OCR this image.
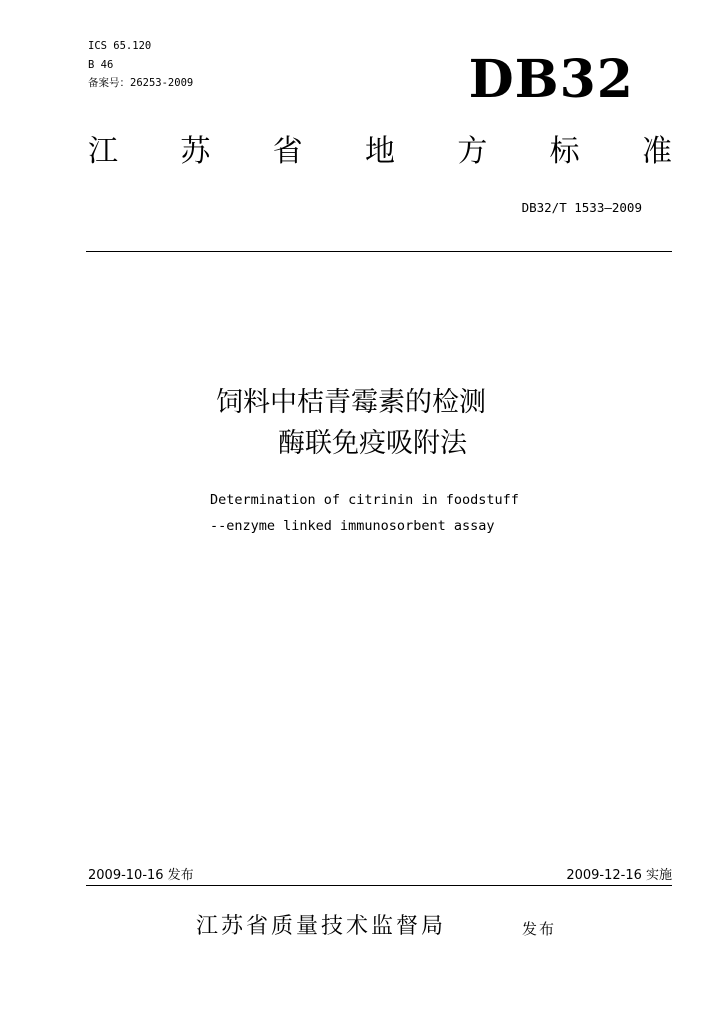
ICS 65.120
B 46
备案号：26253-2009	DB32
江 苏 省 地 方 标 准
DB32/T 1533—2009
饲料中桔青霉素的检测
酶联免疫吸附法
Determination of citrinin in foodstuff
--enzyme linked immunosorbent assay
2009-10-16 发布	2009-12-16 实施
江苏省质量技术监督局	发布
